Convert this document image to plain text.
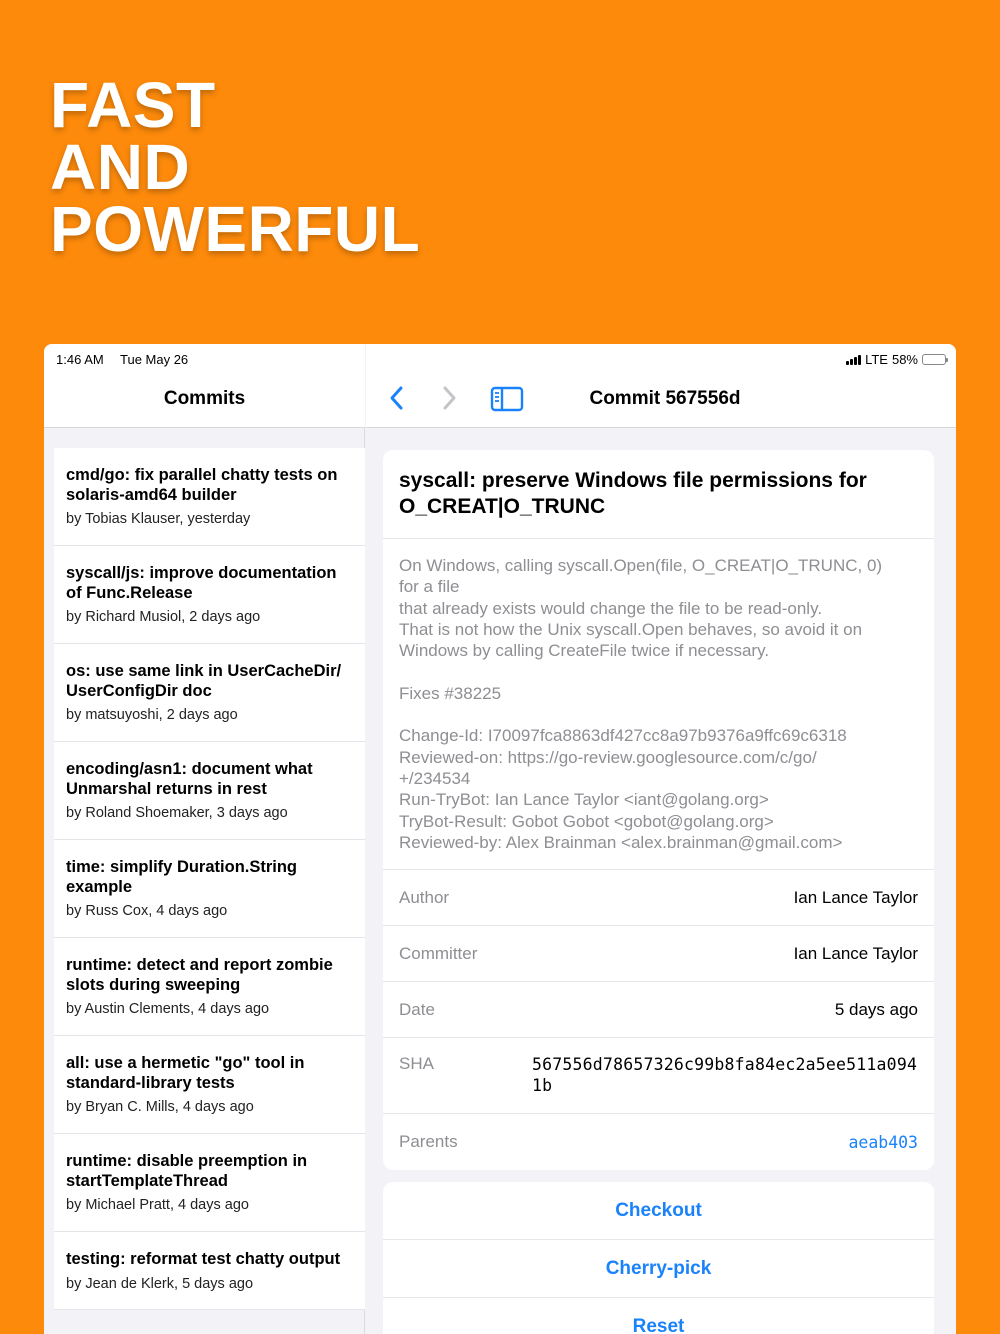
FAST
AND
POWERFUL
Commits
cmd/go: fix parallel chatty tests on solaris-amd64 builder
by Tobias Klauser, yesterday
syscall/js: improve documentation of Func.Release
by Richard Musiol, 2 days ago
os: use same link in UserCacheDir/ UserConfigDir doc
by matsuyoshi, 2 days ago
encoding/asn1: document what Unmarshal returns in rest
by Roland Shoemaker, 3 days ago
time: simplify Duration.String example
by Russ Cox, 4 days ago
runtime: detect and report zombie slots during sweeping
by Austin Clements, 4 days ago
all: use a hermetic "go" tool in standard-library tests
by Bryan C. Mills, 4 days ago
runtime: disable preemption in startTemplateThread
by Michael Pratt, 4 days ago
testing: reformat test chatty output
by Jean de Klerk, 5 days ago
Commit 567556d
syscall: preserve Windows file permissions for O_CREAT|O_TRUNC
On Windows, calling syscall.Open(file, O_CREAT|O_TRUNC, 0)
for a file
that already exists would change the file to be read-only.
That is not how the Unix syscall.Open behaves, so avoid it on
Windows by calling CreateFile twice if necessary.

Fixes #38225

Change-Id: I70097fca8863df427cc8a97b9376a9ffc69c6318
Reviewed-on: https://go-review.googlesource.com/c/go/
+/234534
Run-TryBot: Ian Lance Taylor <iant@golang.org>
TryBot-Result: Gobot Gobot <gobot@golang.org>
Reviewed-by: Alex Brainman <alex.brainman@gmail.com>
Author	Ian Lance Taylor
Committer	Ian Lance Taylor
Date	5 days ago
SHA	567556d78657326c99b8fa84ec2a5ee511a0941b
Parents	aeab403
Checkout
Cherry-pick
Reset
1:46 AM Tue May 26	LTE 58%
